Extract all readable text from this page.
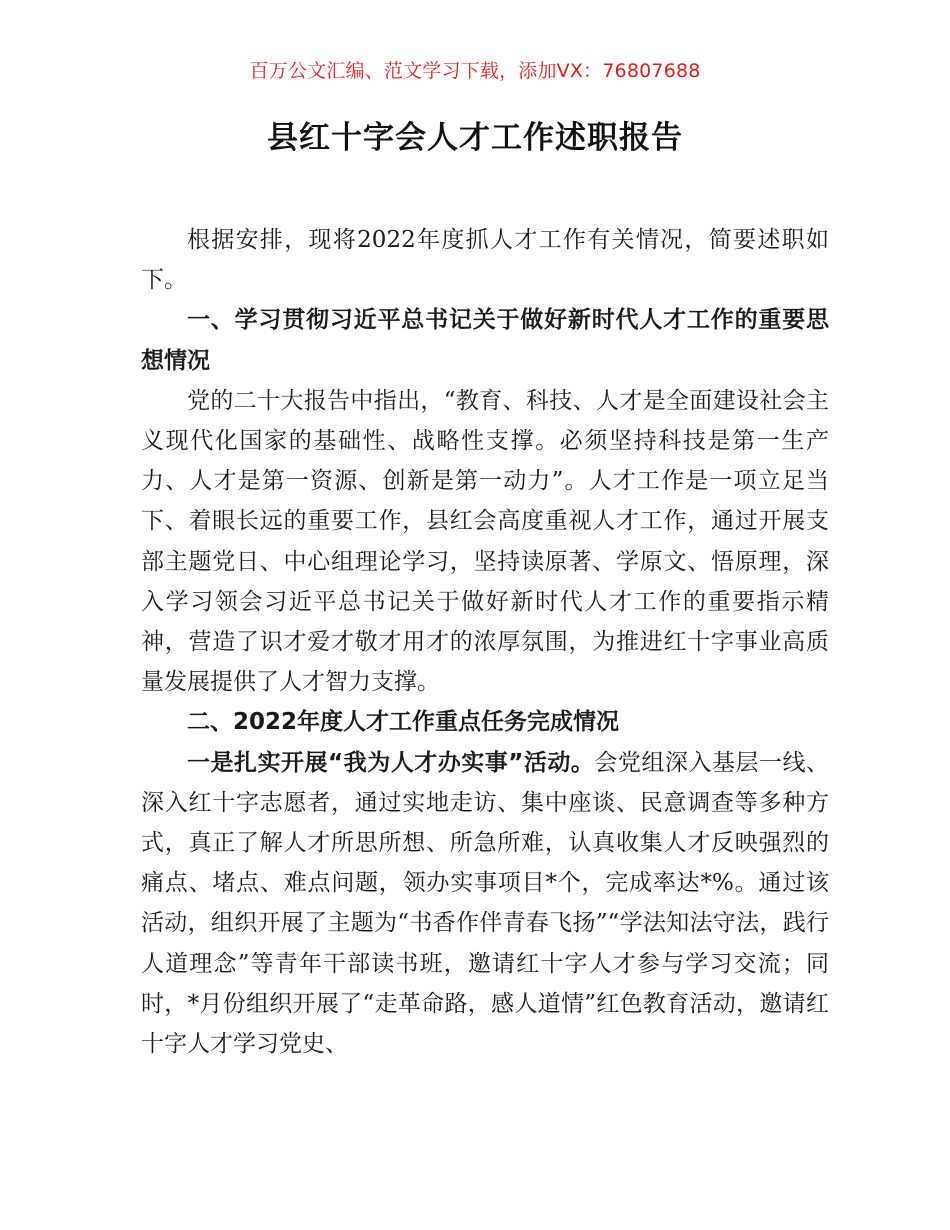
百万公文汇编、范文学习下载，添加VX：76807688
县红十字会人才工作述职报告

根据安排，现将2022年度抓人才工作有关情况，简要述职如下。

一、学习贯彻习近平总书记关于做好新时代人才工作的重要思想情况

党的二十大报告中指出，“教育、科技、人才是全面建设社会主义现代化国家的基础性、战略性支撑。必须坚持科技是第一生产力、人才是第一资源、创新是第一动力”。人才工作是一项立足当下、着眼长远的重要工作，县红会高度重视人才工作，通过开展支部主题党日、中心组理论学习，坚持读原著、学原文、悟原理，深入学习领会习近平总书记关于做好新时代人才工作的重要指示精神，营造了识才爱才敬才用才的浓厚氛围，为推进红十字事业高质量发展提供了人才智力支撑。

二、2022年度人才工作重点任务完成情况

一是扎实开展“我为人才办实事”活动。会党组深入基层一线、深入红十字志愿者，通过实地走访、集中座谈、民意调查等多种方式，真正了解人才所思所想、所急所难，认真收集人才反映强烈的痛点、堵点、难点问题，领办实事项目*个，完成率达*%。通过该活动，组织开展了主题为“书香作伴青春飞扬”“学法知法守法，践行人道理念”等青年干部读书班，邀请红十字人才参与学习交流；同时，*月份组织开展了“走革命路，感人道情”红色教育活动，邀请红十字人才学习党史、
